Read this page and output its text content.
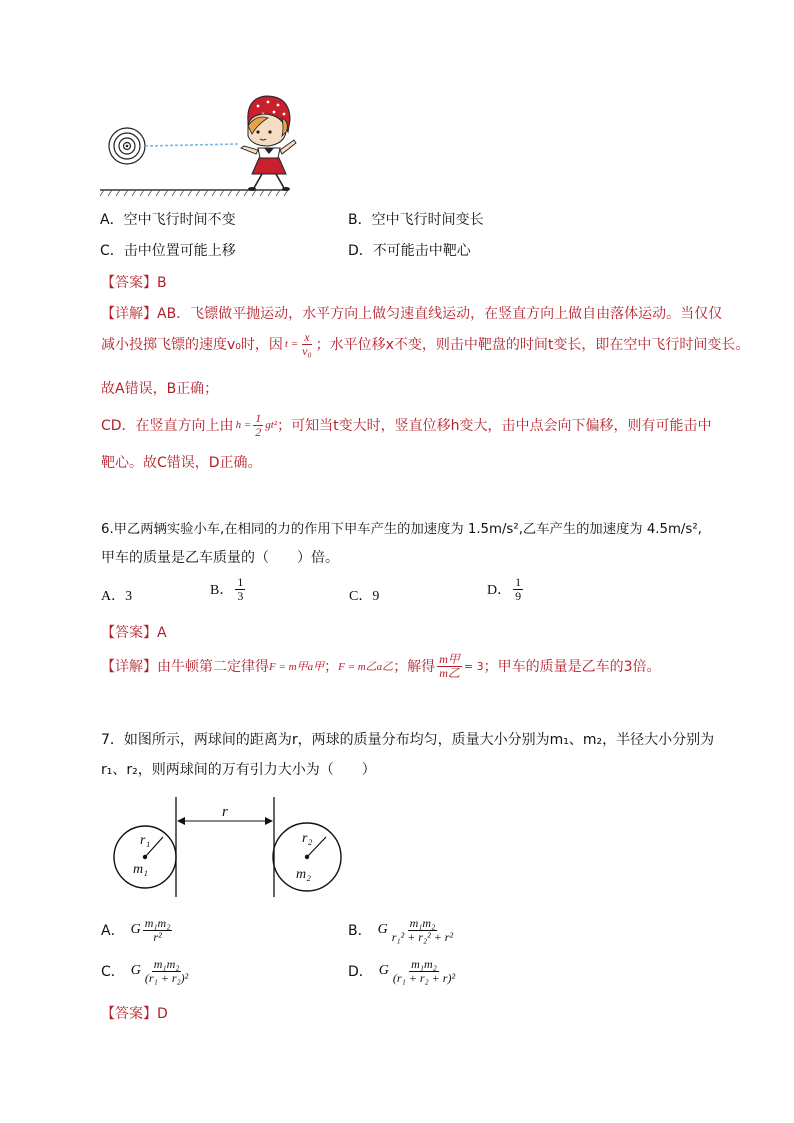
A．空中飞行时间不变	B．空中飞行时间变长
C．击中位置可能上移	D．不可能击中靶心
【答案】B
【详解】AB．飞镖做平抛运动，水平方向上做匀速直线运动，在竖直方向上做自由落体运动。当仅仅
减小投掷飞镖的速度v₀时，因 $t = \frac{x}{\text{v₀}}$ ；水平位移x不变，则击中靶盘的时间t变长，即在空中飞行时间变长。
故A错误，B正确；
CD．在竖直方向上由 $h = \frac{1}{2} gt^2$ ；可知当t变大时，竖直位移h变大，击中点会向下偏移，则有可能击中
靶心。故C错误，D正确。
6.甲乙两辆实验小车,在相同的力的作用下甲车产生的加速度为 1.5m/s²,乙车产生的加速度为 4.5m/s²,
甲车的质量是乙车质量的（　　）倍。
A．3	B． $\frac{1}{3}$	C．9	D． $\frac{1}{9}$
【答案】A
【详解】 由牛顿第二定律得 F = m甲a甲 ； F = m乙a乙 ；解得 $\frac{\text{m甲}}{\text{m乙}} = 3$ ；甲车的质量是乙车的3倍。
7．如图所示，两球间的距离为r，两球的质量分布均匀，质量大小分别为m₁、m₂，半径大小分别为
r₁、r₂，则两球间的万有引力大小为（　　）
r
r₁
m₁
r₂
m₂
A． G $\frac{\text{m₁m₂}}{\text{r²}}$	B． G $\frac{\text{m₁m₂}}{\text{r₁² + r₂² + r²}}$
C． G $\frac{\text{m₁m₂}}{\text{(r₁ + r₂)²}}$	D． G $\frac{\text{m₁m₂}}{\text{(r₁ + r₂ + r)²}}$
【答案】D
